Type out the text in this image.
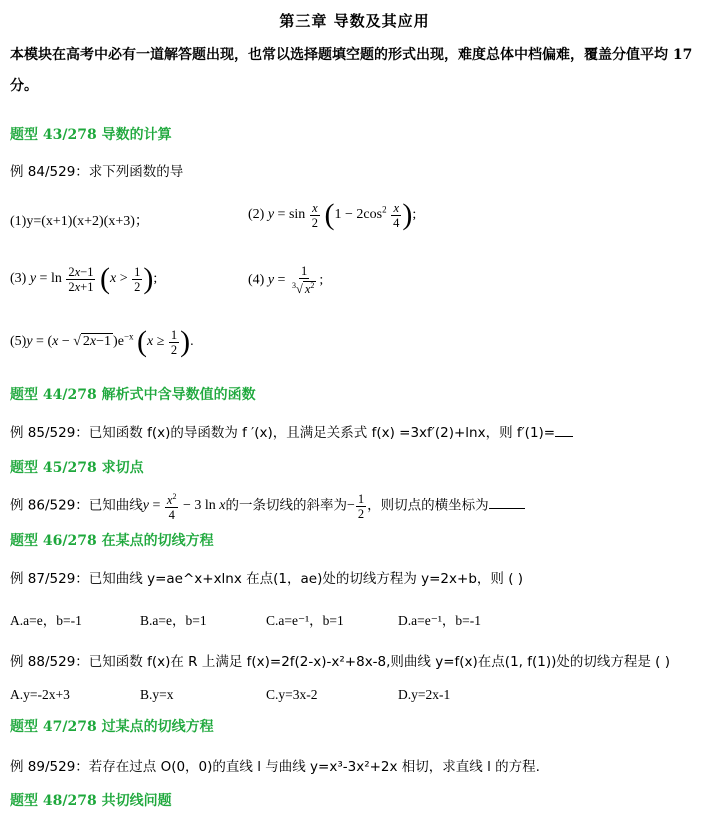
第三章 导数及其应用
本模块在高考中必有一道解答题出现，也常以选择题填空题的形式出现，难度总体中档偏难，覆盖分值平均 17 分。
题型 43/278 导数的计算
例 84/529：求下列函数的导
(1)y=(x+1)(x+2)(x+3)；	(2) $y = \sin \frac{x}{2} (1 - 2\cos^2 \frac{x}{4}$ );
(3) $y = \ln \frac{2x-1}{2x+1} (x > \frac{1}{2}$ );	(4) $y = \frac{1}{^3√ x^2}$ ;
(5)y = (x − √ 2x−1 )$e^{-x}$ ($x \ge \frac{1}{2}$ ).
题型 44/278 解析式中含导数值的函数
例 85/529：已知函数 f(x)的导函数为 f ′(x)，且满足关系式 f(x) =3xf′(2)+lnx，则 f′(1)=
题型 45/278 求切点
例 86/529：已知曲线$y = \frac{x^2}{4} - 3$ ln x的一条切线的斜率为− $\frac{1}{2}$ ，则切点的横坐标为
题型 46/278 在某点的切线方程
例 87/529：已知曲线 y=ae^x+xlnx 在点(1，ae)处的切线方程为 y=2x+b，则 ( )
A.a=e，b=-1	B.a=e，b=1	C.a=e⁻¹，b=1	D.a=e⁻¹，b=-1
例 88/529：已知函数 f(x)在 R 上满足 f(x)=2f(2-x)-x²+8x-8,则曲线 y=f(x)在点(1, f(1))处的切线方程是 ( )
A.y=-2x+3	B.y=x	C.y=3x-2	D.y=2x-1
题型 47/278 过某点的切线方程
例 89/529：若存在过点 O(0，0)的直线 l 与曲线 y=x³-3x²+2x 相切，求直线 l 的方程.
题型 48/278 共切线问题
